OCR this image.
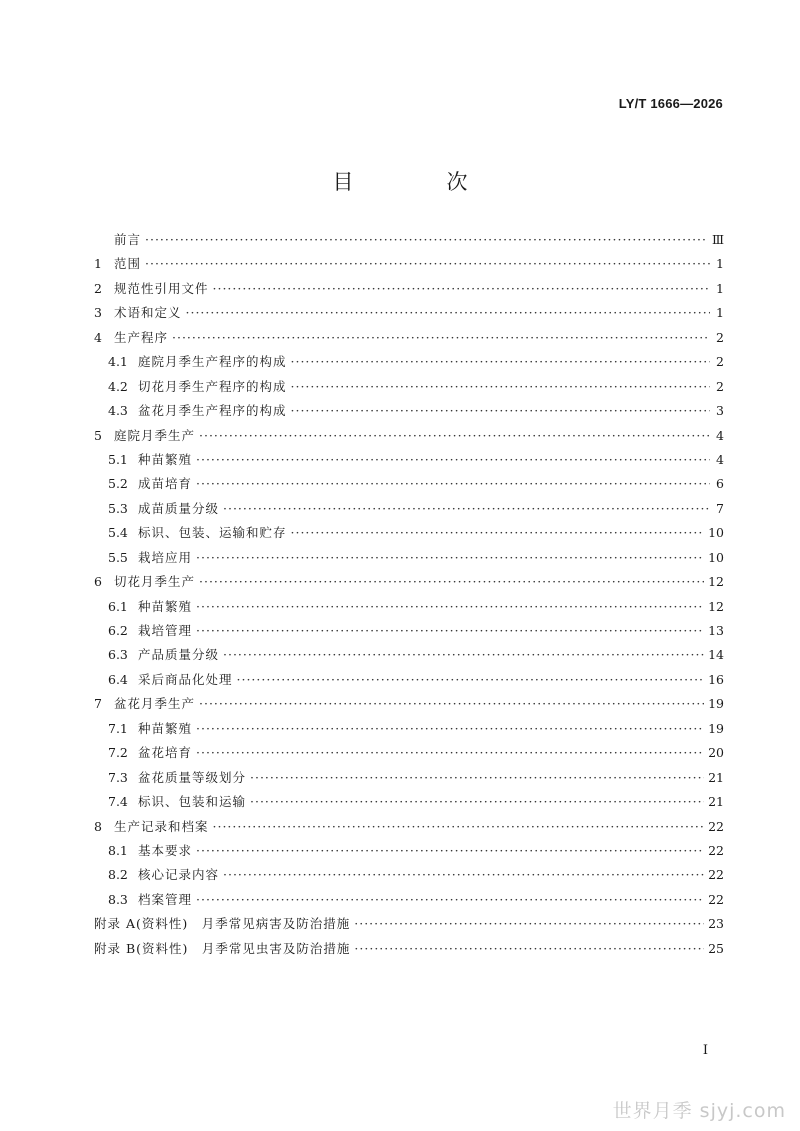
LY/T 1666—2026
目　次
前言 ·····	Ⅲ
1 范围 ·····	1
2 规范性引用文件 ·····	1
3 术语和定义 ·····	1
4 生产程序 ·····	2
4.1 庭院月季生产程序的构成 ·····	2
4.2 切花月季生产程序的构成 ·····	2
4.3 盆花月季生产程序的构成 ·····	3
5 庭院月季生产 ·····	4
5.1 种苗繁殖 ·····	4
5.2 成苗培育 ·····	6
5.3 成苗质量分级 ·····	7
5.4 标识、包装、运输和贮存 ·····	10
5.5 栽培应用 ·····	10
6 切花月季生产 ·····	12
6.1 种苗繁殖 ·····	12
6.2 栽培管理 ·····	13
6.3 产品质量分级 ·····	14
6.4 采后商品化处理 ·····	16
7 盆花月季生产 ·····	19
7.1 种苗繁殖 ·····	19
7.2 盆花培育 ·····	20
7.3 盆花质量等级划分 ·····	21
7.4 标识、包装和运输 ·····	21
8 生产记录和档案 ·····	22
8.1 基本要求 ·····	22
8.2 核心记录内容 ·····	22
8.3 档案管理 ·····	22
附录 A(资料性)　月季常见病害及防治措施 ·····	23
附录 B(资料性)　月季常见虫害及防治措施 ·····	25
Ⅰ
世界月季 sjyj.com
